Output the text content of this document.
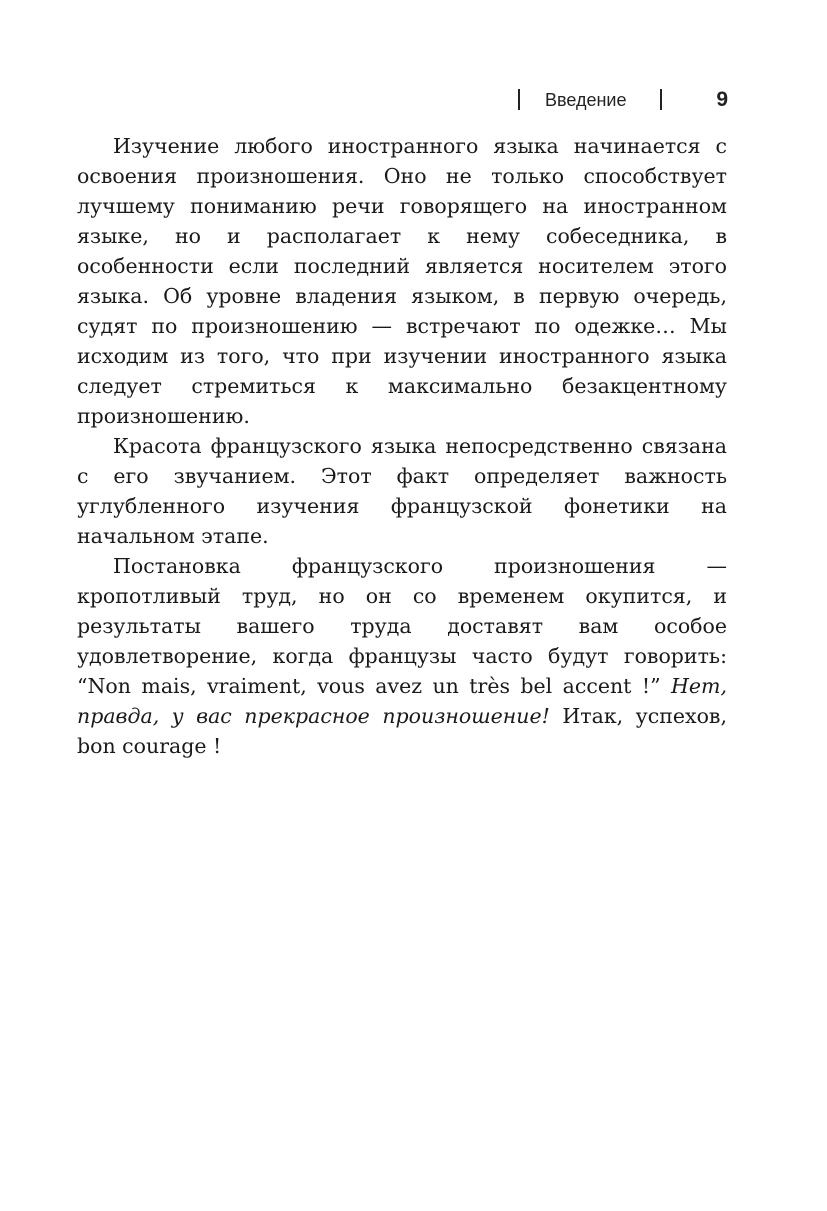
Введение	9

Изучение любого иностранного языка начинается с освоения произношения. Оно не только способствует лучшему пониманию речи говорящего на иностранном языке, но и располагает к нему собеседника, в особенности если последний является носителем этого языка. Об уровне владения языком, в первую очередь, судят по произношению — встречают по одежке… Мы исходим из того, что при изучении иностранного языка следует стремиться к максимально безакцентному произношению.

Красота французского языка непосредственно связана с его звучанием. Этот факт определяет важность углубленного изучения французской фонетики на начальном этапе.

Постановка французского произношения — кропотливый труд, но он со временем окупится, и результаты вашего труда доставят вам особое удовлетворение, когда французы часто будут говорить: “Non mais, vraiment, vous avez un très bel accent !” Нет, правда, у вас прекрасное произношение! Итак, успехов, bon courage !
